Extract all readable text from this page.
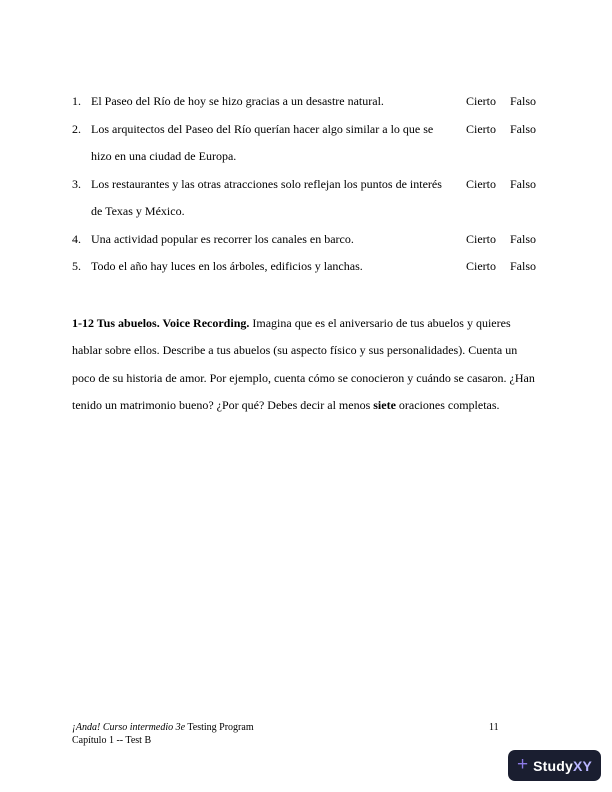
1. El Paseo del Río de hoy se hizo gracias a un desastre natural.	Cierto Falso
2. Los arquitectos del Paseo del Río querían hacer algo similar a lo que se hizo en una ciudad de Europa.
Cierto Falso
3. Los restaurantes y las otras atracciones solo reflejan los puntos de interés de Texas y México.
Cierto Falso
4. Una actividad popular es recorrer los canales en barco.	Cierto Falso
5. Todo el año hay luces en los árboles, edificios y lanchas.	Cierto Falso

1-12 Tus abuelos. Voice Recording. Imagina que es el aniversario de tus abuelos y quieres hablar sobre ellos. Describe a tus abuelos (su aspecto físico y sus personalidades). Cuenta un poco de su historia de amor. Por ejemplo, cuenta cómo se conocieron y cuándo se casaron. ¿Han tenido un matrimonio bueno? ¿Por qué? Debes decir al menos siete oraciones completas.

¡Anda! Curso intermedio 3e Testing Program
Capítulo 1 -- Test B
11
+ StudyXY
